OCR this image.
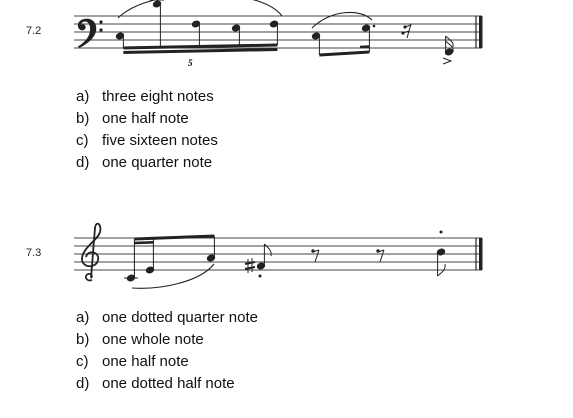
7.2
5
a) three eight notes
b) one half note
c) five sixteen notes
d) one quarter note
7.3
a) one dotted quarter note
b) one whole note
c) one half note
d) one dotted half note
